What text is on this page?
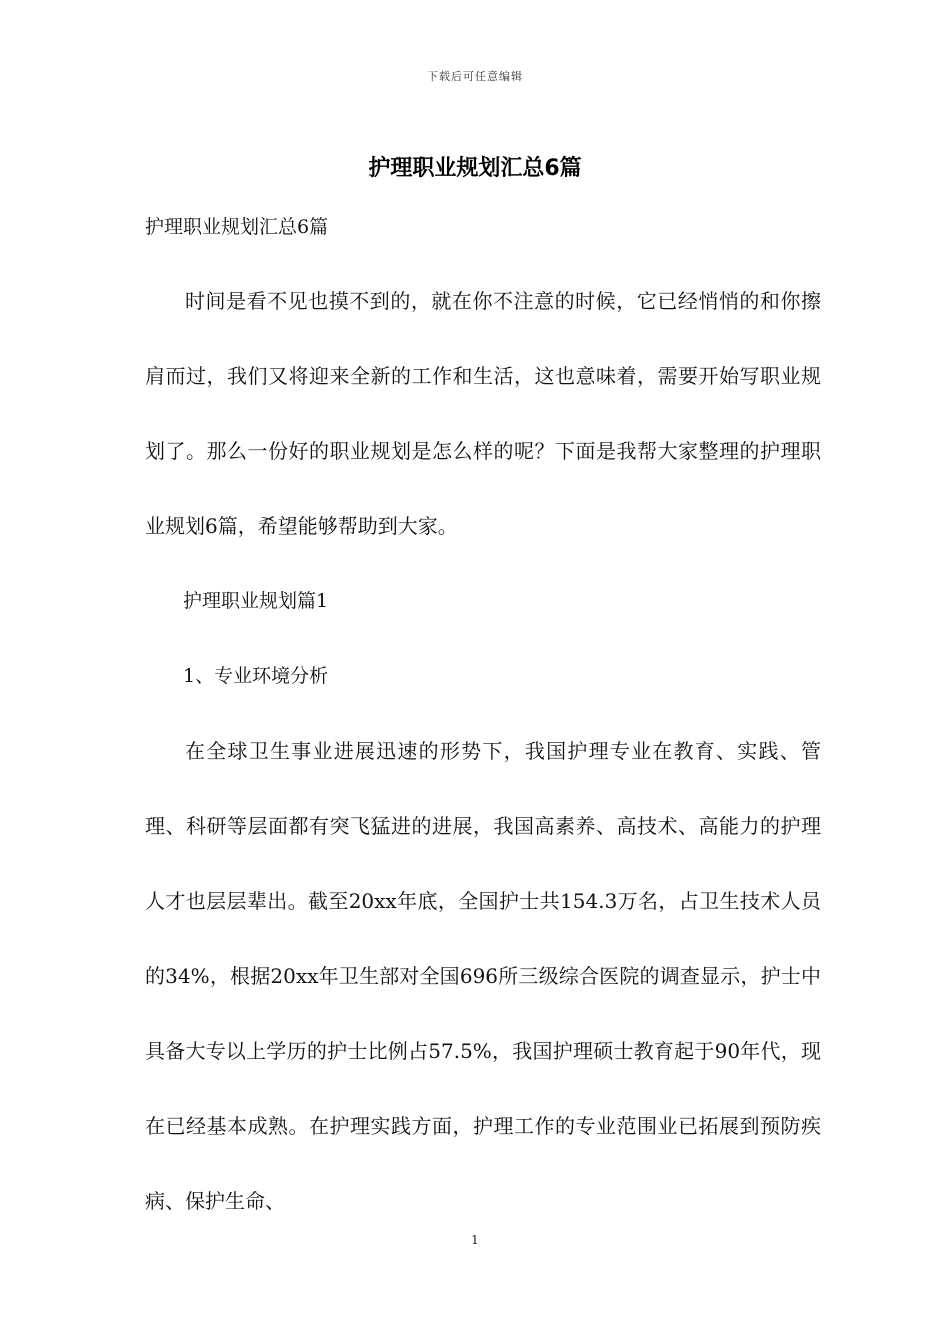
下载后可任意编辑
护理职业规划汇总6篇
护理职业规划汇总6篇

时间是看不见也摸不到的，就在你不注意的时候，它已经悄悄的和你擦肩而过，我们又将迎来全新的工作和生活，这也意味着，需要开始写职业规划了。那么一份好的职业规划是怎么样的呢？下面是我帮大家整理的护理职业规划6篇，希望能够帮助到大家。

护理职业规划篇1

1、专业环境分析

在全球卫生事业进展迅速的形势下，我国护理专业在教育、实践、管理、科研等层面都有突飞猛进的进展，我国高素养、高技术、高能力的护理人才也层层辈出。截至20xx年底，全国护士共154.3万名，占卫生技术人员的34%，根据20xx年卫生部对全国696所三级综合医院的调查显示，护士中具备大专以上学历的护士比例占57.5%，我国护理硕士教育起于90年代，现在已经基本成熟。在护理实践方面，护理工作的专业范围业已拓展到预防疾病、保护生命、

1
